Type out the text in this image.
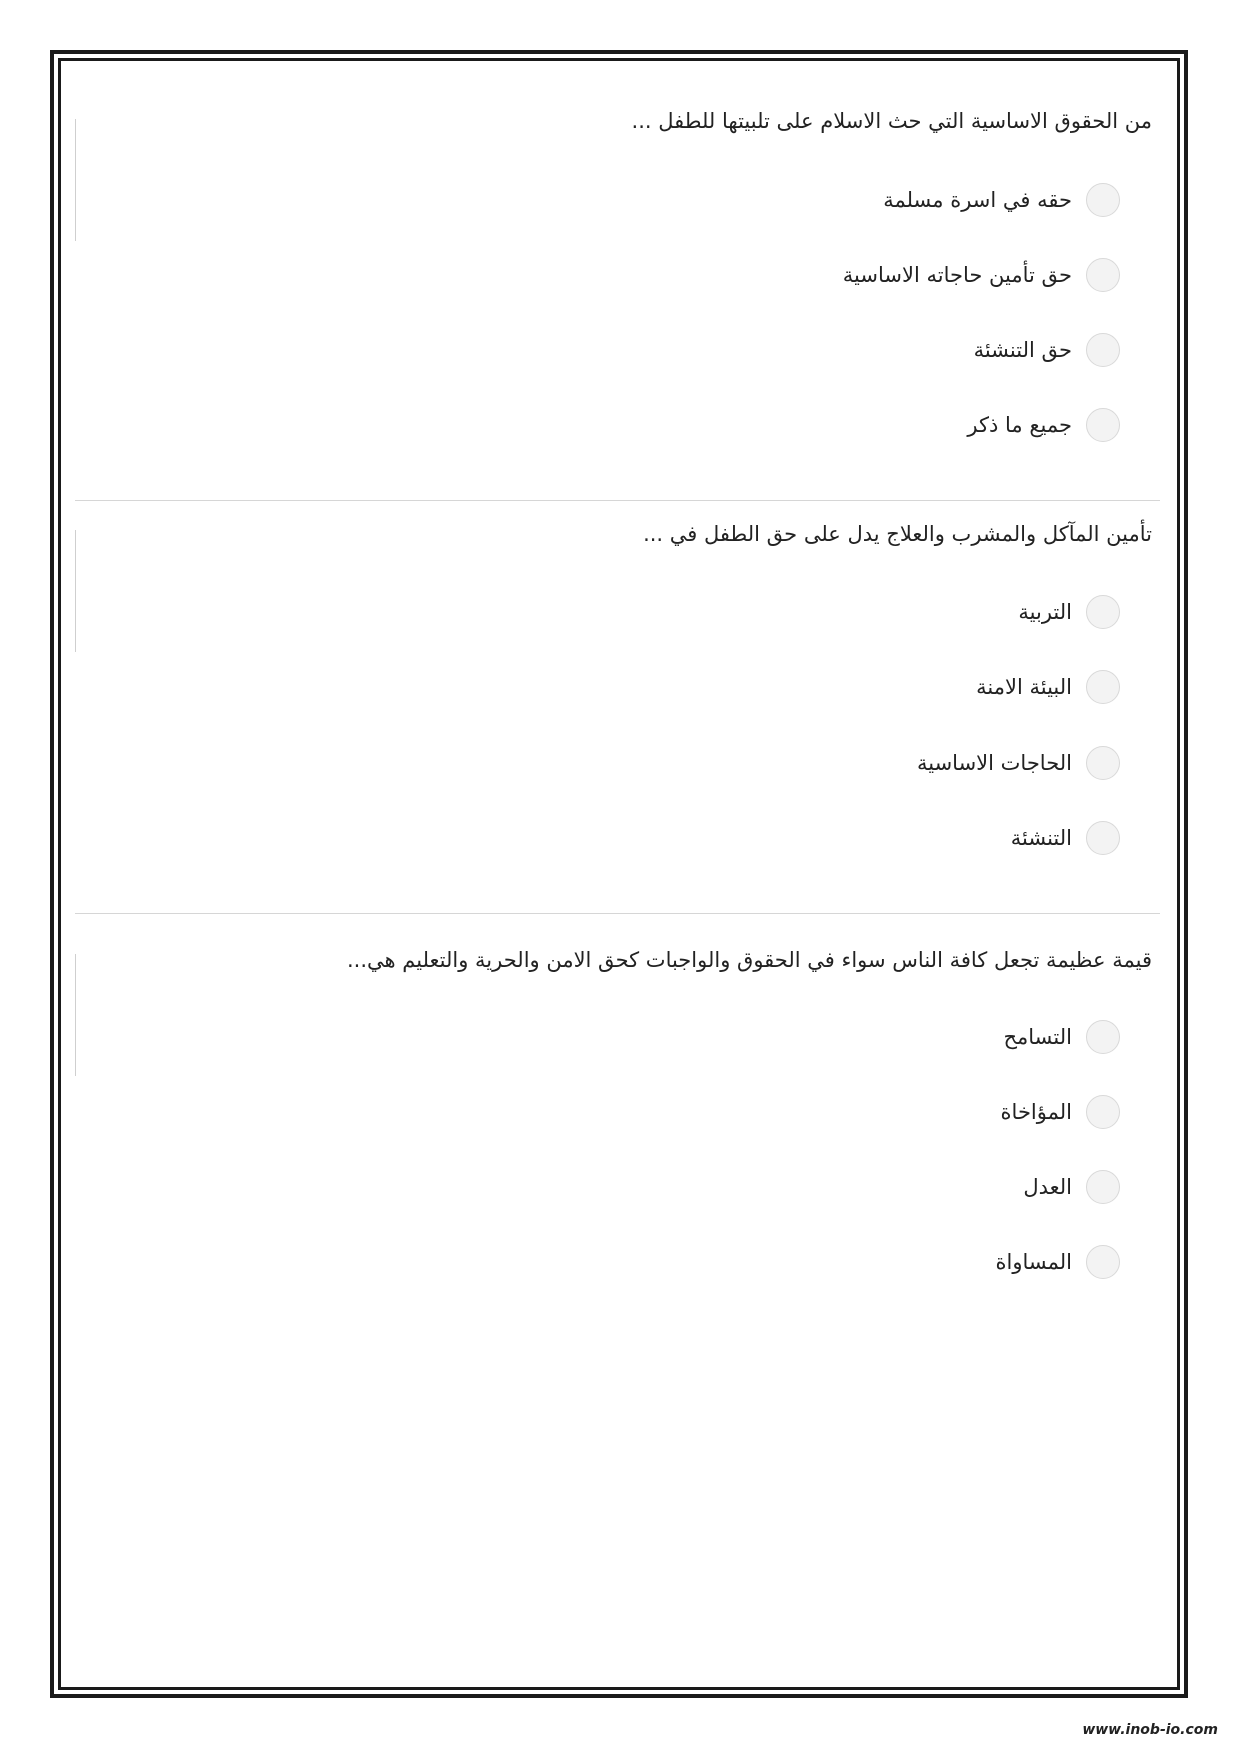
من الحقوق الاساسية التي حث الاسلام على تلبيتها للطفل ...
حقه في اسرة مسلمة
حق تأمين حاجاته الاساسية
حق التنشئة
جميع ما ذكر
تأمين المآكل والمشرب والعلاج يدل على حق الطفل في ...
التربية
البيئة الامنة
الحاجات الاساسية
التنشئة
قيمة عظيمة تجعل كافة الناس سواء في الحقوق والواجبات كحق الامن والحرية والتعليم هي...
التسامح
المؤاخاة
العدل
المساواة
www.inob-io.com
